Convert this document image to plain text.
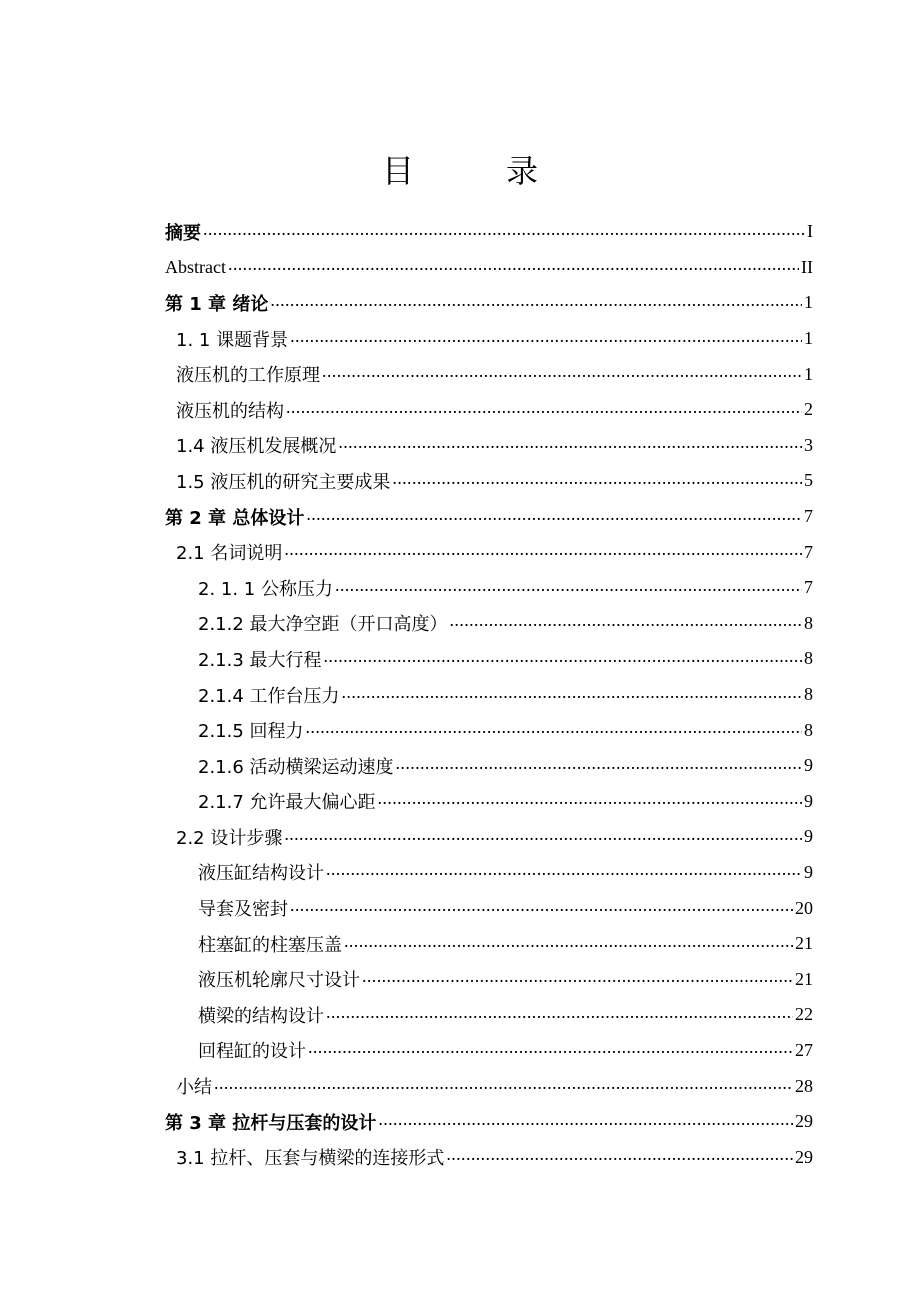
目　录
摘要 .....	I
Abstract .....	II
第 1 章 绪论 .....	1
1. 1 课题背景 .....	1
液压机的工作原理 .....	1
液压机的结构 .....	2
1.4 液压机发展概况 .....	3
1.5 液压机的研究主要成果 .....	5
第 2 章 总体设计 .....	7
2.1 名词说明 .....	7
2. 1. 1 公称压力 .....	7
2.1.2 最大净空距（开口高度） .....	8
2.1.3 最大行程 .....	8
2.1.4 工作台压力 .....	8
2.1.5 回程力 .....	8
2.1.6 活动横梁运动速度 .....	9
2.1.7 允许最大偏心距 .....	9
2.2 设计步骤 .....	9
液压缸结构设计 .....	9
导套及密封 .....	20
柱塞缸的柱塞压盖 .....	21
液压机轮廓尺寸设计 .....	21
横梁的结构设计 .....	22
回程缸的设计 .....	27
小结 .....	28
第 3 章 拉杆与压套的设计 .....	29
3.1 拉杆、压套与横梁的连接形式 .....	29
